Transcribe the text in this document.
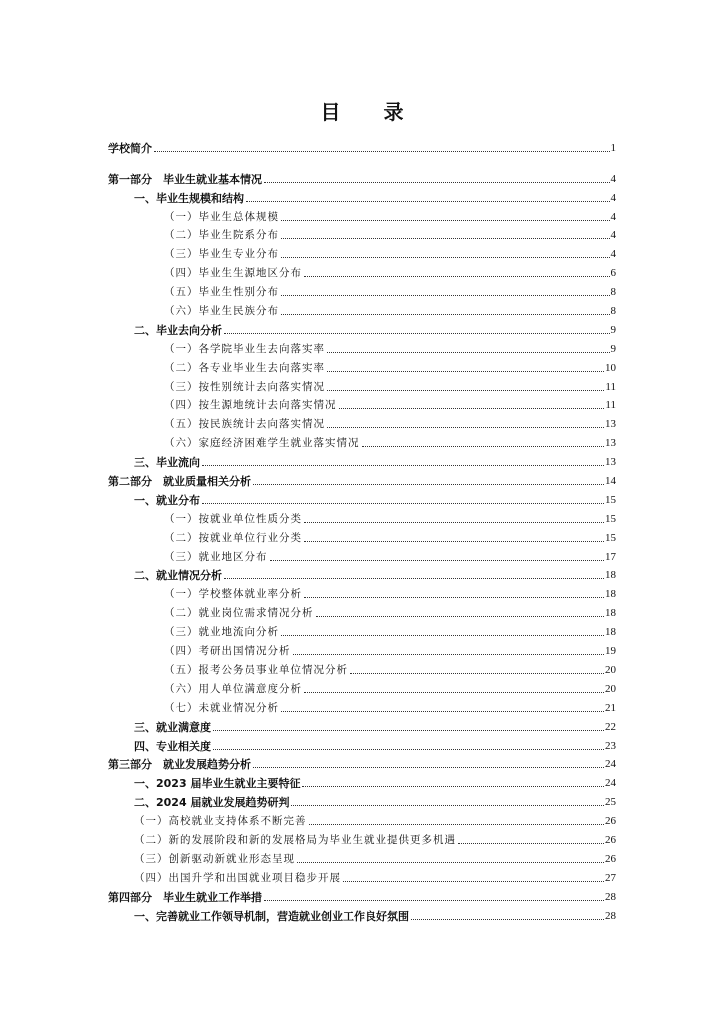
目 录
学校简介	1
第一部分　毕业生就业基本情况	4
一、毕业生规模和结构	4
（一）毕业生总体规模	4
（二）毕业生院系分布	4
（三）毕业生专业分布	4
（四）毕业生生源地区分布	6
（五）毕业生性别分布	8
（六）毕业生民族分布	8
二、毕业去向分析	9
（一）各学院毕业生去向落实率	9
（二）各专业毕业生去向落实率	10
（三）按性别统计去向落实情况	11
（四）按生源地统计去向落实情况	11
（五）按民族统计去向落实情况	13
（六）家庭经济困难学生就业落实情况	13
三、毕业流向	13
第二部分　就业质量相关分析	14
一、就业分布	15
（一）按就业单位性质分类	15
（二）按就业单位行业分类	15
（三）就业地区分布	17
二、就业情况分析	18
（一）学校整体就业率分析	18
（二）就业岗位需求情况分析	18
（三）就业地流向分析	18
（四）考研出国情况分析	19
（五）报考公务员事业单位情况分析	20
（六）用人单位满意度分析	20
（七）未就业情况分析	21
三、就业满意度	22
四、专业相关度	23
第三部分　就业发展趋势分析	24
一、2023 届毕业生就业主要特征	24
二、2024 届就业发展趋势研判	25
（一）高校就业支持体系不断完善	26
（二）新的发展阶段和新的发展格局为毕业生就业提供更多机遇	26
（三）创新驱动新就业形态呈现	26
（四）出国升学和出国就业项目稳步开展	27
第四部分　毕业生就业工作举措	28
一、完善就业工作领导机制，营造就业创业工作良好氛围	28
